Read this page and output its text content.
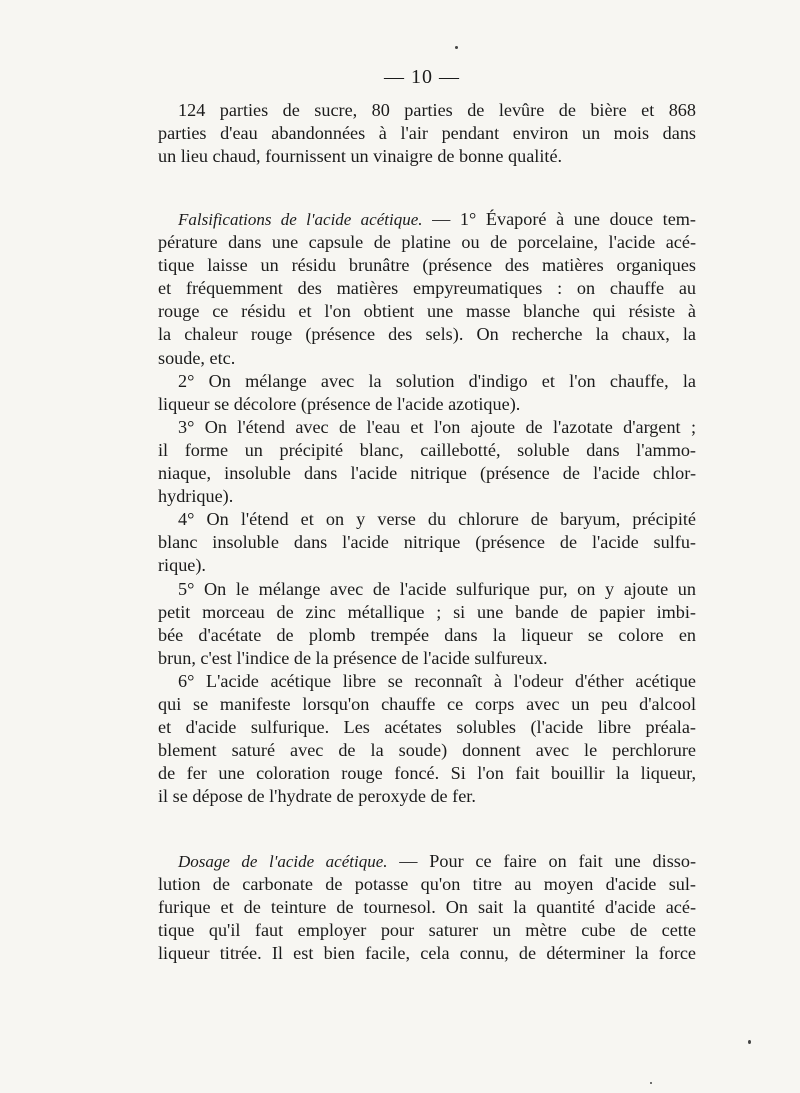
— 10 —
124 parties de sucre, 80 parties de levûre de bière et 868
parties d'eau abandonnées à l'air pendant environ un mois dans
un lieu chaud, fournissent un vinaigre de bonne qualité.
Falsifications de l'acide acétique. — 1° Évaporé à une douce tem-
pérature dans une capsule de platine ou de porcelaine, l'acide acé-
tique laisse un résidu brunâtre (présence des matières organiques
et fréquemment des matières empyreumatiques : on chauffe au
rouge ce résidu et l'on obtient une masse blanche qui résiste à
la chaleur rouge (présence des sels). On recherche la chaux, la
soude, etc.
2° On mélange avec la solution d'indigo et l'on chauffe, la
liqueur se décolore (présence de l'acide azotique).
3° On l'étend avec de l'eau et l'on ajoute de l'azotate d'argent ;
il forme un précipité blanc, caillebotté, soluble dans l'ammo-
niaque, insoluble dans l'acide nitrique (présence de l'acide chlor-
hydrique).
4° On l'étend et on y verse du chlorure de baryum, précipité
blanc insoluble dans l'acide nitrique (présence de l'acide sulfu-
rique).
5° On le mélange avec de l'acide sulfurique pur, on y ajoute un
petit morceau de zinc métallique ; si une bande de papier imbi-
bée d'acétate de plomb trempée dans la liqueur se colore en
brun, c'est l'indice de la présence de l'acide sulfureux.
6° L'acide acétique libre se reconnaît à l'odeur d'éther acétique
qui se manifeste lorsqu'on chauffe ce corps avec un peu d'alcool
et d'acide sulfurique. Les acétates solubles (l'acide libre préala-
blement saturé avec de la soude) donnent avec le perchlorure
de fer une coloration rouge foncé. Si l'on fait bouillir la liqueur,
il se dépose de l'hydrate de peroxyde de fer.
Dosage de l'acide acétique. — Pour ce faire on fait une disso-
lution de carbonate de potasse qu'on titre au moyen d'acide sul-
furique et de teinture de tournesol. On sait la quantité d'acide acé-
tique qu'il faut employer pour saturer un mètre cube de cette
liqueur titrée. Il est bien facile, cela connu, de déterminer la force
